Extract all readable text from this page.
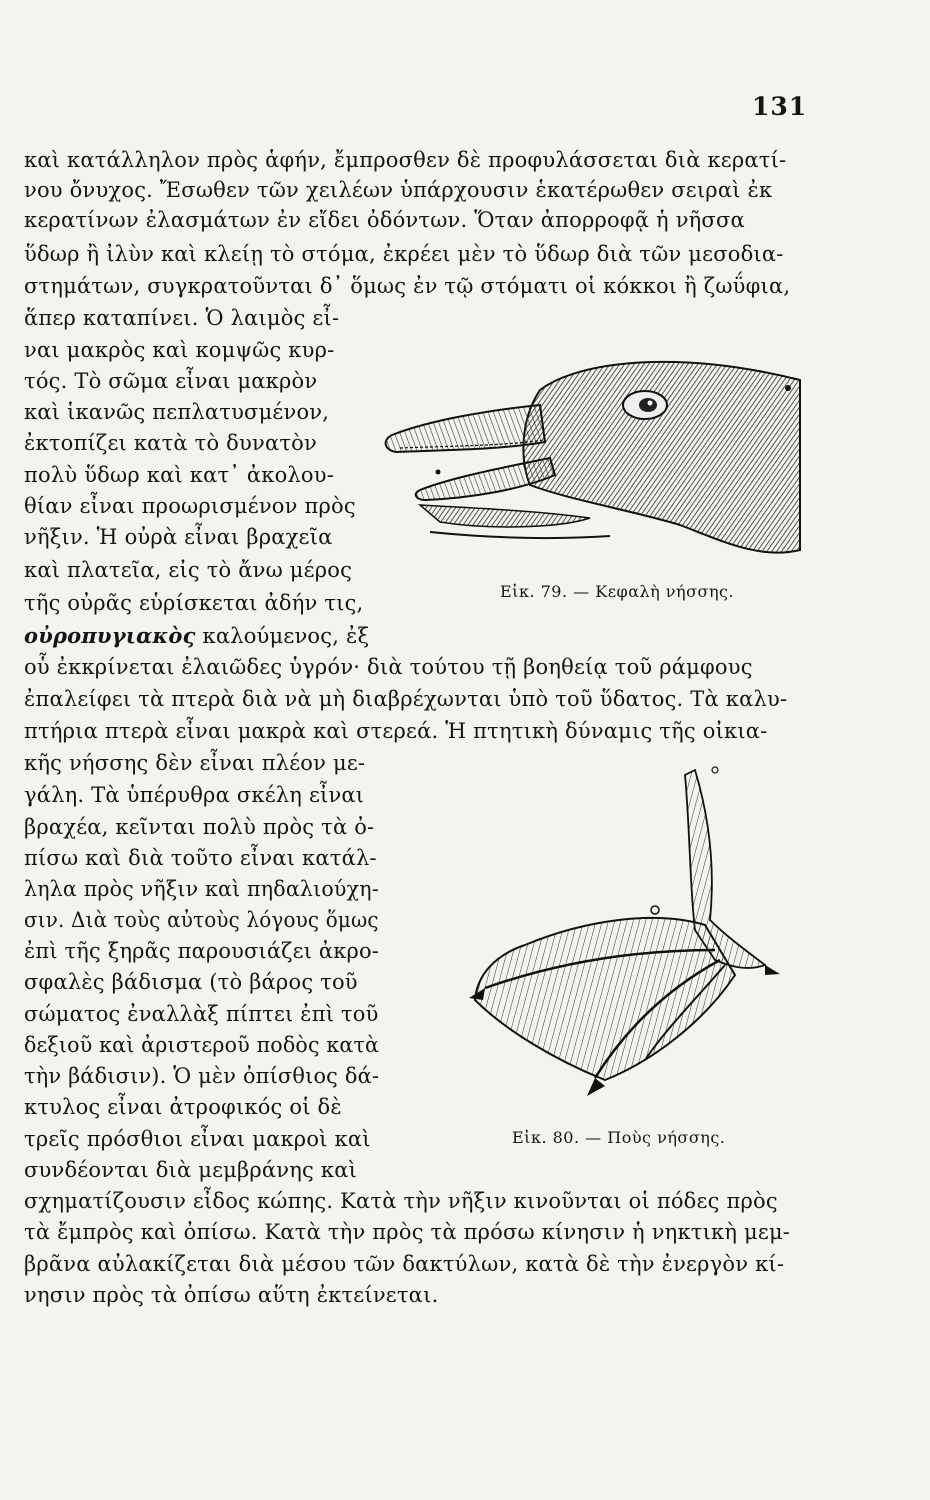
131
καὶ κατάλληλον πρὸς ἁφήν, ἔμπροσθεν δὲ προφυλάσσεται διὰ κερατί-
νου ὄνυχος. Ἔσωθεν τῶν χειλέων ὑπάρχουσιν ἑκατέρωθεν σειραὶ ἐκ
κερατίνων ἐλασμάτων ἐν εἴδει ὀδόντων. Ὅταν ἀπορροφᾷ ἡ νῆσσα
ὕδωρ ἢ ἰλὺν καὶ κλείῃ τὸ στόμα, ἐκρέει μὲν τὸ ὕδωρ διὰ τῶν μεσοδια-
στημάτων, συγκρατοῦνται δ᾽ ὅμως ἐν τῷ στόματι οἱ κόκκοι ἢ ζωΰφια,
ἅπερ καταπίνει. Ὁ λαιμὸς εἶ-
ναι μακρὸς καὶ κομψῶς κυρ-
τός. Τὸ σῶμα εἶναι μακρὸν
καὶ ἱκανῶς πεπλατυσμένον,
ἐκτοπίζει κατὰ τὸ δυνατὸν
πολὺ ὕδωρ καὶ κατ᾽ ἀκολου-
θίαν εἶναι προωρισμένον πρὸς
νῆξιν. Ἡ οὐρὰ εἶναι βραχεῖα
καὶ πλατεῖα, εἰς τὸ ἄνω μέρος
τῆς οὐρᾶς εὑρίσκεται ἀδήν τις,
οὐροπυγιακὸς καλούμενος, ἐξ
Εἰκ. 79. — Κεφαλὴ νήσσης.
οὗ ἐκκρίνεται ἐλαιῶδες ὑγρόν· διὰ τούτου τῇ βοηθείᾳ τοῦ ράμφους
ἐπαλείφει τὰ πτερὰ διὰ νὰ μὴ διαβρέχωνται ὑπὸ τοῦ ὕδατος. Τὰ καλυ-
πτήρια πτερὰ εἶναι μακρὰ καὶ στερεά. Ἡ πτητικὴ δύναμις τῆς οἰκια-
κῆς νήσσης δὲν εἶναι πλέον με-
γάλη. Τὰ ὑπέρυθρα σκέλη εἶναι
βραχέα, κεῖνται πολὺ πρὸς τὰ ὀ-
πίσω καὶ διὰ τοῦτο εἶναι κατάλ-
ληλα πρὸς νῆξιν καὶ πηδαλιούχη-
σιν. Διὰ τοὺς αὐτοὺς λόγους ὅμως
ἐπὶ τῆς ξηρᾶς παρουσιάζει ἀκρο-
σφαλὲς βάδισμα (τὸ βάρος τοῦ
σώματος ἐναλλὰξ πίπτει ἐπὶ τοῦ
δεξιοῦ καὶ ἀριστεροῦ ποδὸς κατὰ
τὴν βάδισιν). Ὁ μὲν ὀπίσθιος δά-
κτυλος εἶναι ἀτροφικός οἱ δὲ
τρεῖς πρόσθιοι εἶναι μακροὶ καὶ
συνδέονται διὰ μεμβράνης καὶ
Εἰκ. 80. — Ποὺς νήσσης.
σχηματίζουσιν εἶδος κώπης. Κατὰ τὴν νῆξιν κινοῦνται οἱ πόδες πρὸς
τὰ ἔμπρὸς καὶ ὀπίσω. Κατὰ τὴν πρὸς τὰ πρόσω κίνησιν ἡ νηκτικὴ μεμ-
βρᾶνα αὐλακίζεται διὰ μέσου τῶν δακτύλων, κατὰ δὲ τὴν ἐνεργὸν κί-
νησιν πρὸς τὰ ὀπίσω αὕτη ἐκτείνεται.
